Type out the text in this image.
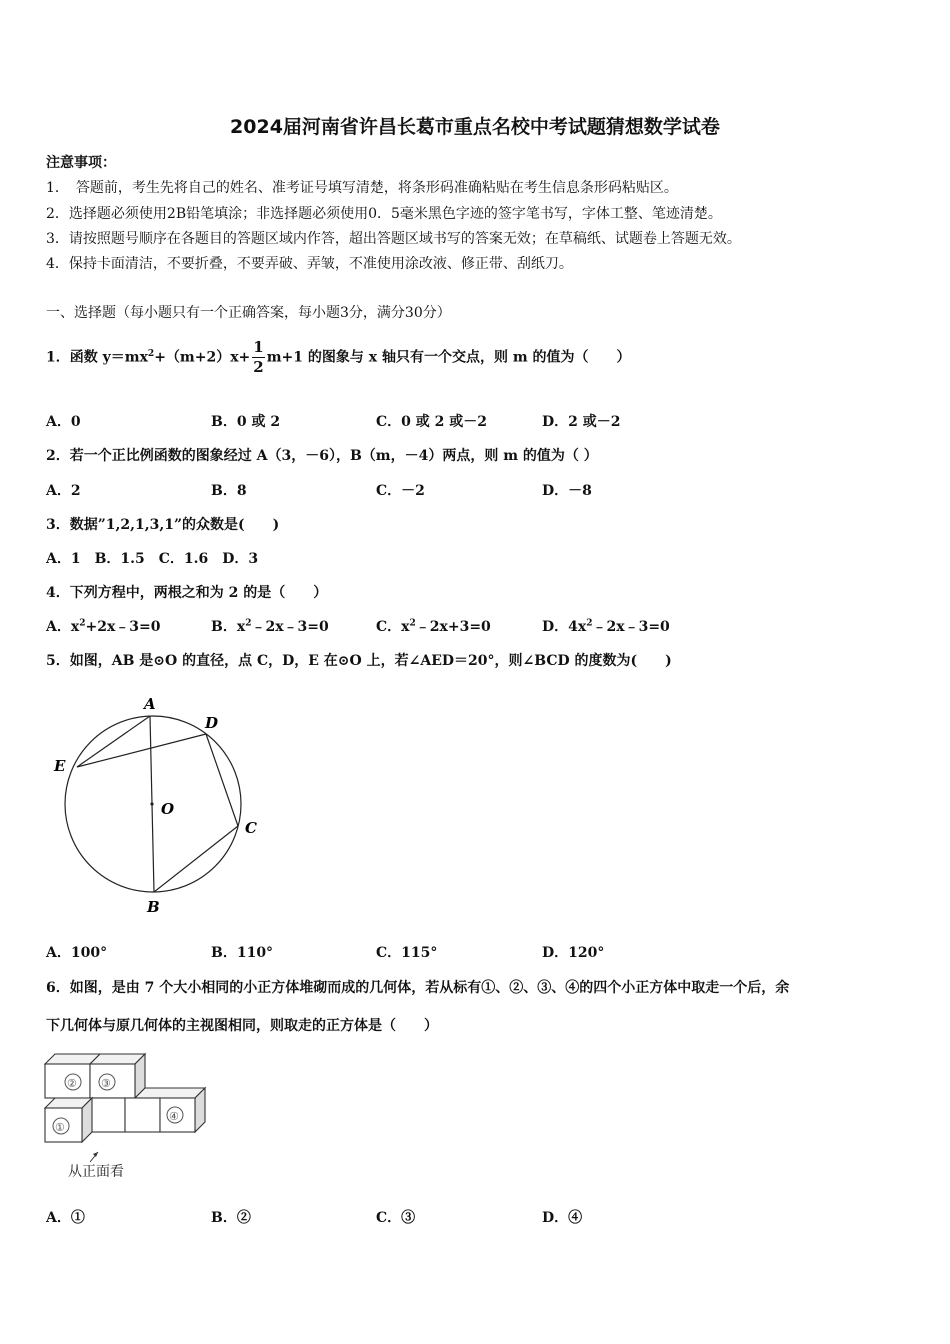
2024届河南省许昌长葛市重点名校中考试题猜想数学试卷
注意事项：
1．　答题前，考生先将自己的姓名、准考证号填写清楚，将条形码准确粘贴在考生信息条形码粘贴区。
2．选择题必须使用2B铅笔填涂；非选择题必须使用0．5毫米黑色字迹的签字笔书写，字体工整、笔迹清楚。
3．请按照题号顺序在各题目的答题区域内作答，超出答题区域书写的答案无效；在草稿纸、试题卷上答题无效。
4．保持卡面清洁，不要折叠，不要弄破、弄皱，不准使用涂改液、修正带、刮纸刀。
一、选择题（每小题只有一个正确答案，每小题3分，满分30分）
1．函数 $y=mx^2+(m+2)x+ \frac{1}{2} m+1$ 的图象与 x 轴只有一个交点，则 m 的值为（　　）
A．0	B．0 或 2	C．0 或 2 或－2	D．2 或－2
2．若一个正比例函数的图象经过 A（3，－6），B（m，－4）两点，则 m 的值为（ ）
A．2	B．8	C．－2	D．－8
3．数据”1,2,1,3,1”的众数是(　　)
A．1　B．1.5　C．1.6　D．3
4．下列方程中，两根之和为 2 的是（　　）
A．$x^2+2x﹣3=0$	B．$x^2﹣2x﹣3=0$	C．$x^2﹣2x+3=0$	D．$4x^2﹣2x﹣3=0$
5．如图，AB 是⊙O 的直径，点 C，D，E 在⊙O 上，若∠AED＝20°，则∠BCD 的度数为(　　)
A
D
E
O
C
B
A．100°	B．110°	C．115°	D．120°
6．如图，是由 7 个大小相同的小正方体堆砌而成的几何体，若从标有①、②、③、④的四个小正方体中取走一个后，余
下几何体与原几何体的主视图相同，则取走的正方体是（　　）
② ③
④
①
从正面看
A．①	B．②	C．③	D．④
